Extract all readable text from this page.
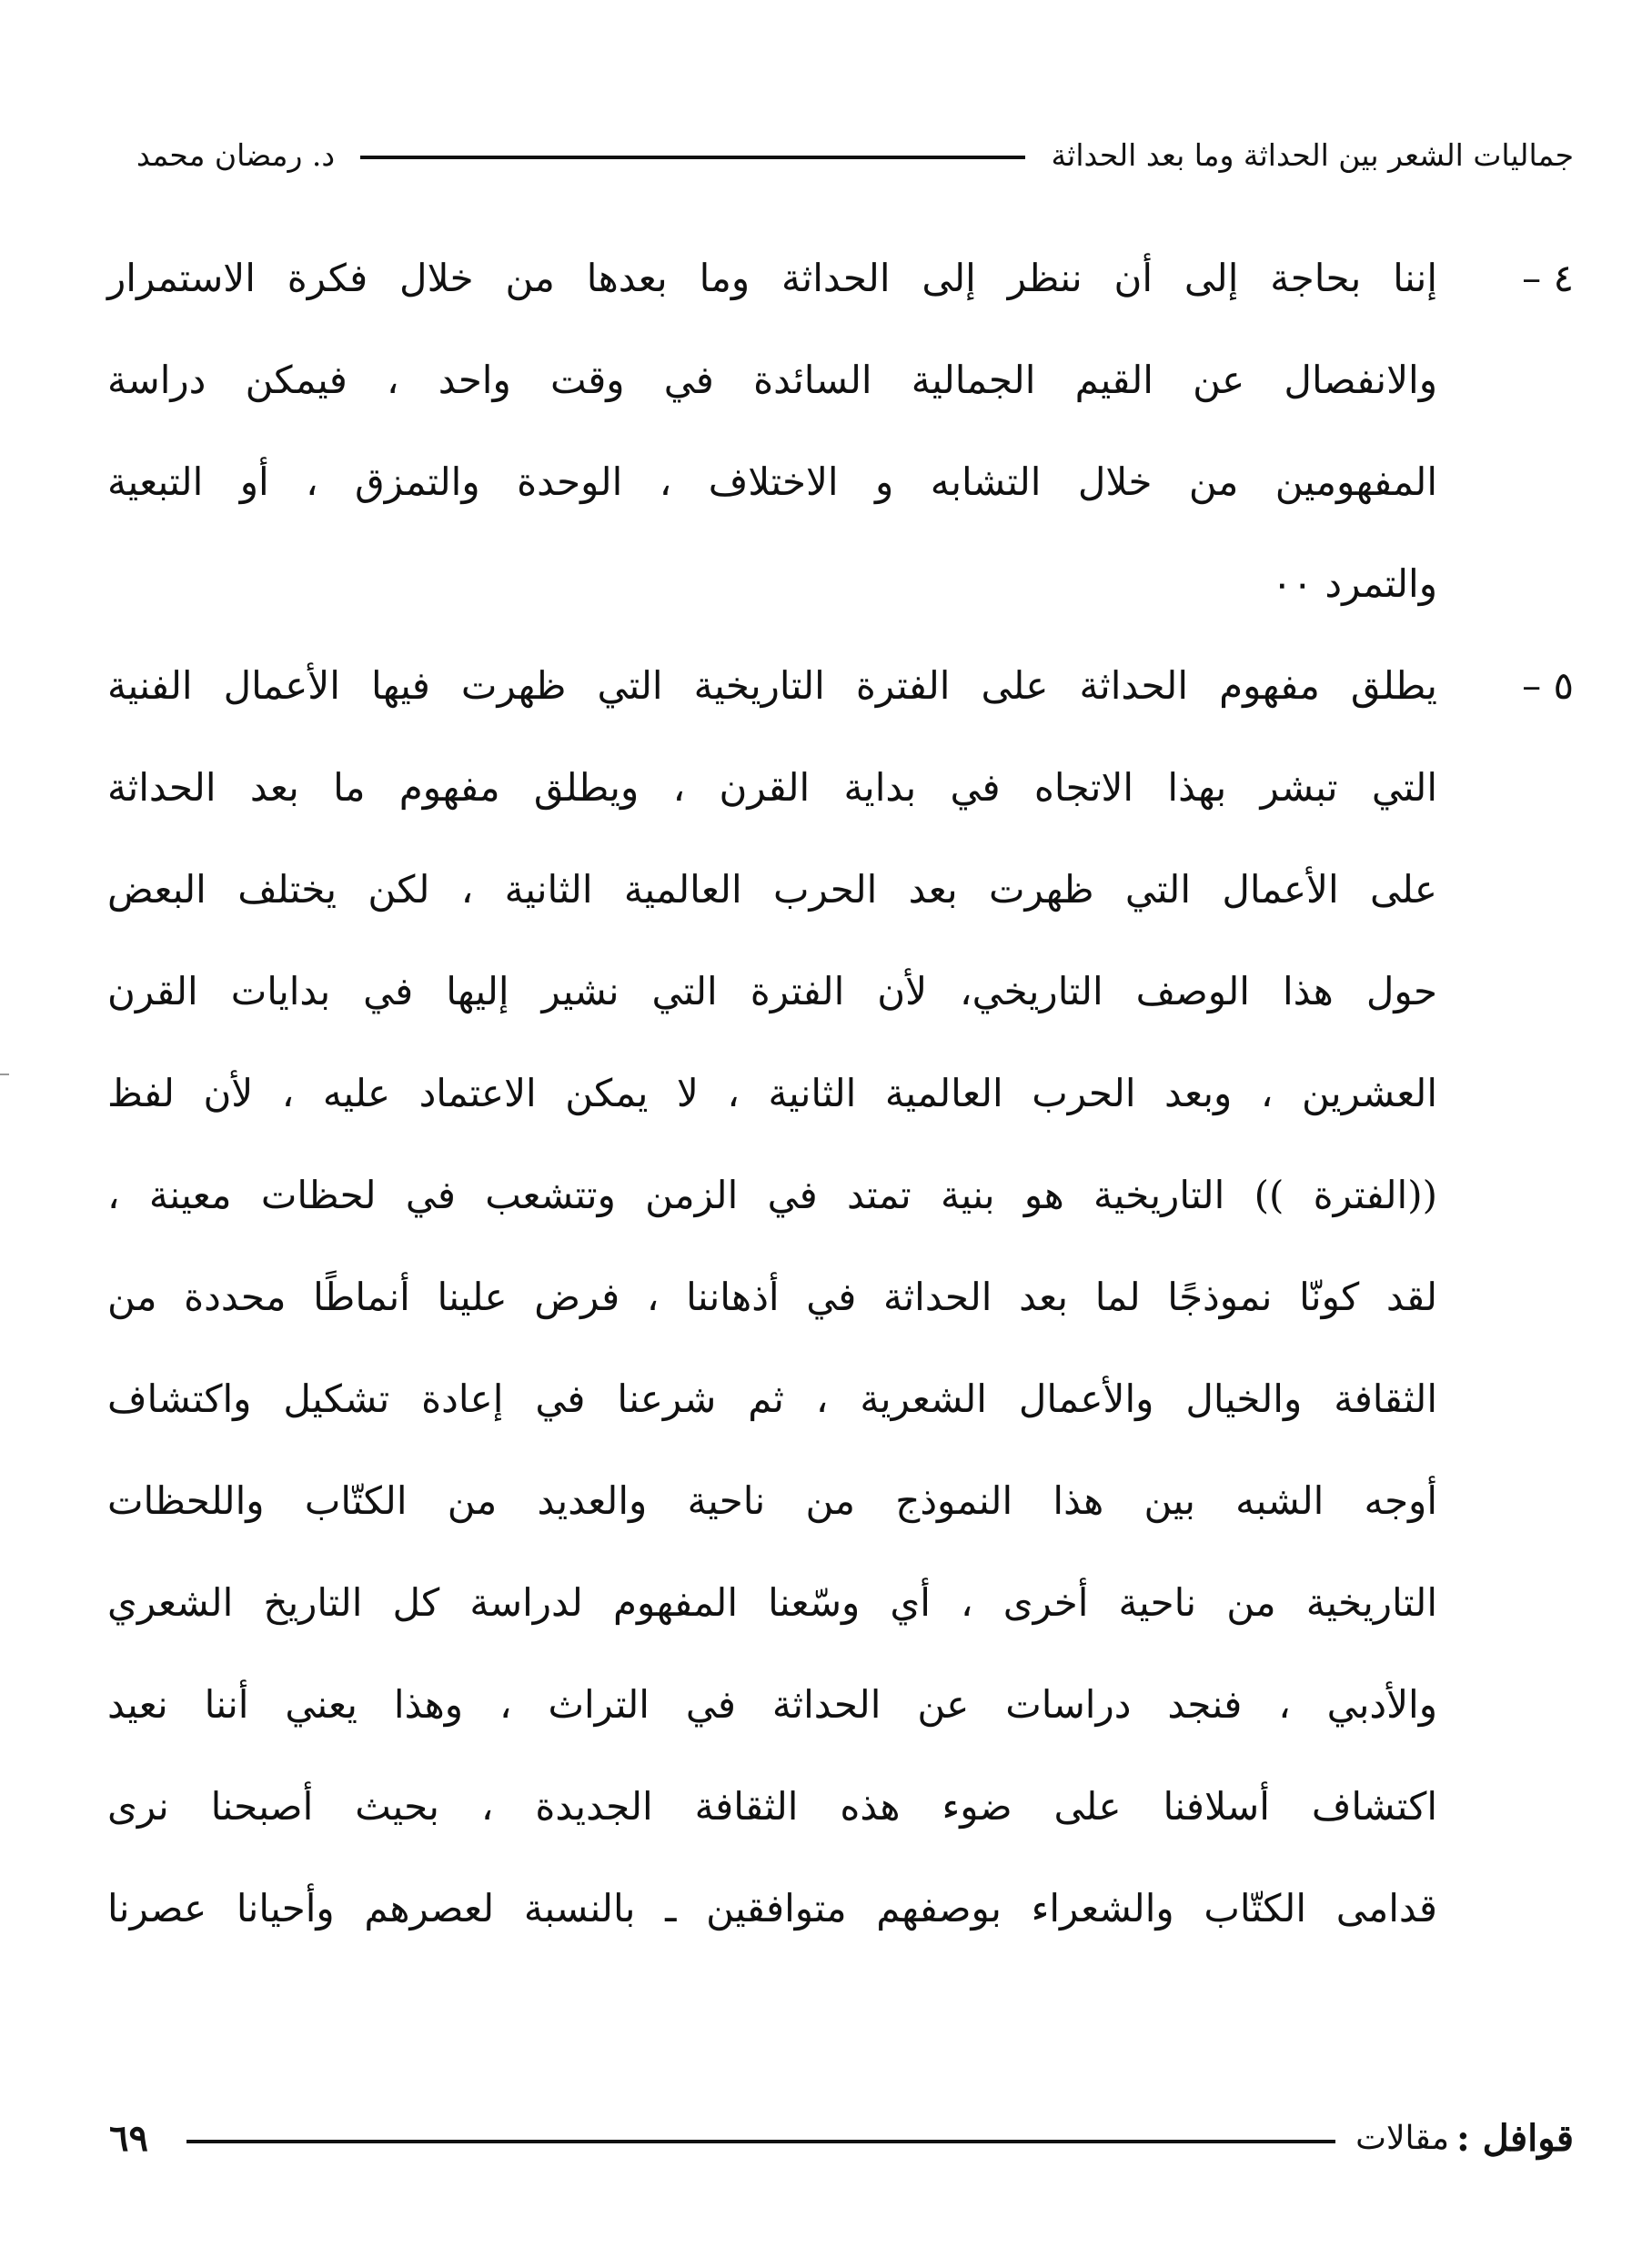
جماليات الشعر بين الحداثة وما بعد الحداثة
د. رمضان محمد
٤ –
إننا بحاجة إلى أن ننظر إلى الحداثة وما بعدها من خلال فكرة الاستمرار
والانفصال عن القيم الجمالية السائدة في وقت واحد ، فيمكن دراسة
المفهومين من خلال التشابه و الاختلاف ، الوحدة والتمزق ، أو التبعية
والتمرد ٠٠
٥ –
يطلق مفهوم الحداثة على الفترة التاريخية التي ظهرت فيها الأعمال الفنية
التي تبشر بهذا الاتجاه في بداية القرن ، ويطلق مفهوم ما بعد الحداثة
على الأعمال التي ظهرت بعد الحرب العالمية الثانية ، لكن يختلف البعض
حول هذا الوصف التاريخي، لأن الفترة التي نشير إليها في بدايات القرن
العشرين ، وبعد الحرب العالمية الثانية ، لا يمكن الاعتماد عليه ، لأن لفظ
((الفترة )) التاريخية هو بنية تمتد في الزمن وتتشعب في لحظات معينة ،
لقد كونّا نموذجًا لما بعد الحداثة في أذهاننا ، فرض علينا أنماطًا محددة من
الثقافة والخيال والأعمال الشعرية ، ثم شرعنا في إعادة تشكيل واكتشاف
أوجه الشبه بين هذا النموذج من ناحية والعديد من الكتّاب واللحظات
التاريخية من ناحية أخرى ، أي وسّعنا المفهوم لدراسة كل التاريخ الشعري
والأدبي ، فنجد دراسات عن الحداثة في التراث ، وهذا يعني أننا نعيد
اكتشاف أسلافنا على ضوء هذه الثقافة الجديدة ، بحيث أصبحنا نرى
قدامى الكتّاب والشعراء بوصفهم متوافقين ـ بالنسبة لعصرهم وأحيانا عصرنا
قوافل :
مقالات
٦٩
